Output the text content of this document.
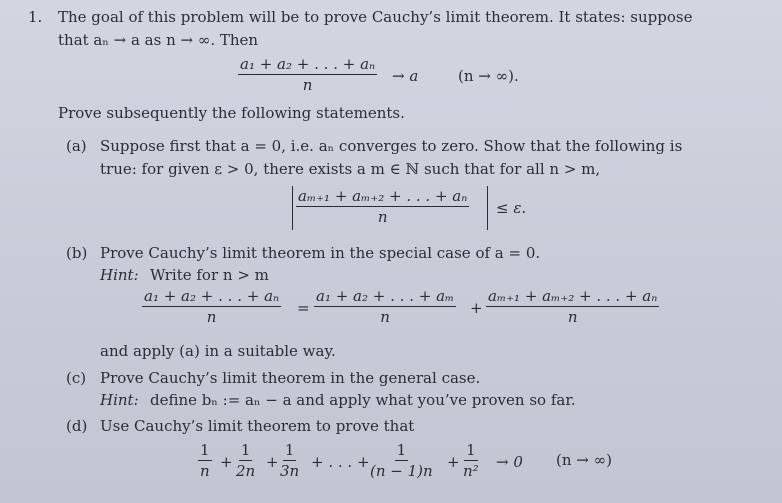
1. The goal of this problem will be to prove Cauchy’s limit theorem. It states: suppose
that aₙ → a as n → ∞. Then
$\frac{\text{a₁ + a₂ + . . . + aₙ}}{n} \to a$	(n → ∞).
Prove subsequently the following statements.
(a) Suppose first that a = 0, i.e. aₙ converges to zero. Show that the following is
true: for given ε > 0, there exists a m ∈ ℕ such that for all n > m,
$\frac{\text{aₘ₊₁ + aₘ₊₂ + . . . + aₙ}}{n} \le \varepsilon$.
(b) Prove Cauchy’s limit theorem in the special case of a = 0.
Hint: Write for n > m
$\frac{\text{a₁ + a₂ + . . . + aₙ}}{n} = \frac{\text{a₁ + a₂ + . . . + aₘ}}{n} + \frac{\text{aₘ₊₁ + aₘ₊₂ + . . . + aₙ}}{n}$
and apply (a) in a suitable way.
(c) Prove Cauchy’s limit theorem in the general case.
Hint: define bₙ := aₙ − a and apply what you’ve proven so far.
(d) Use Cauchy’s limit theorem to prove that
$\frac{1}{n} + \frac{1}{2n} + \frac{1}{3n}$ + . . . + $\frac{1}{(n - 1)n} + \frac{1}{\text{n²}} \to 0$ (n → ∞)
